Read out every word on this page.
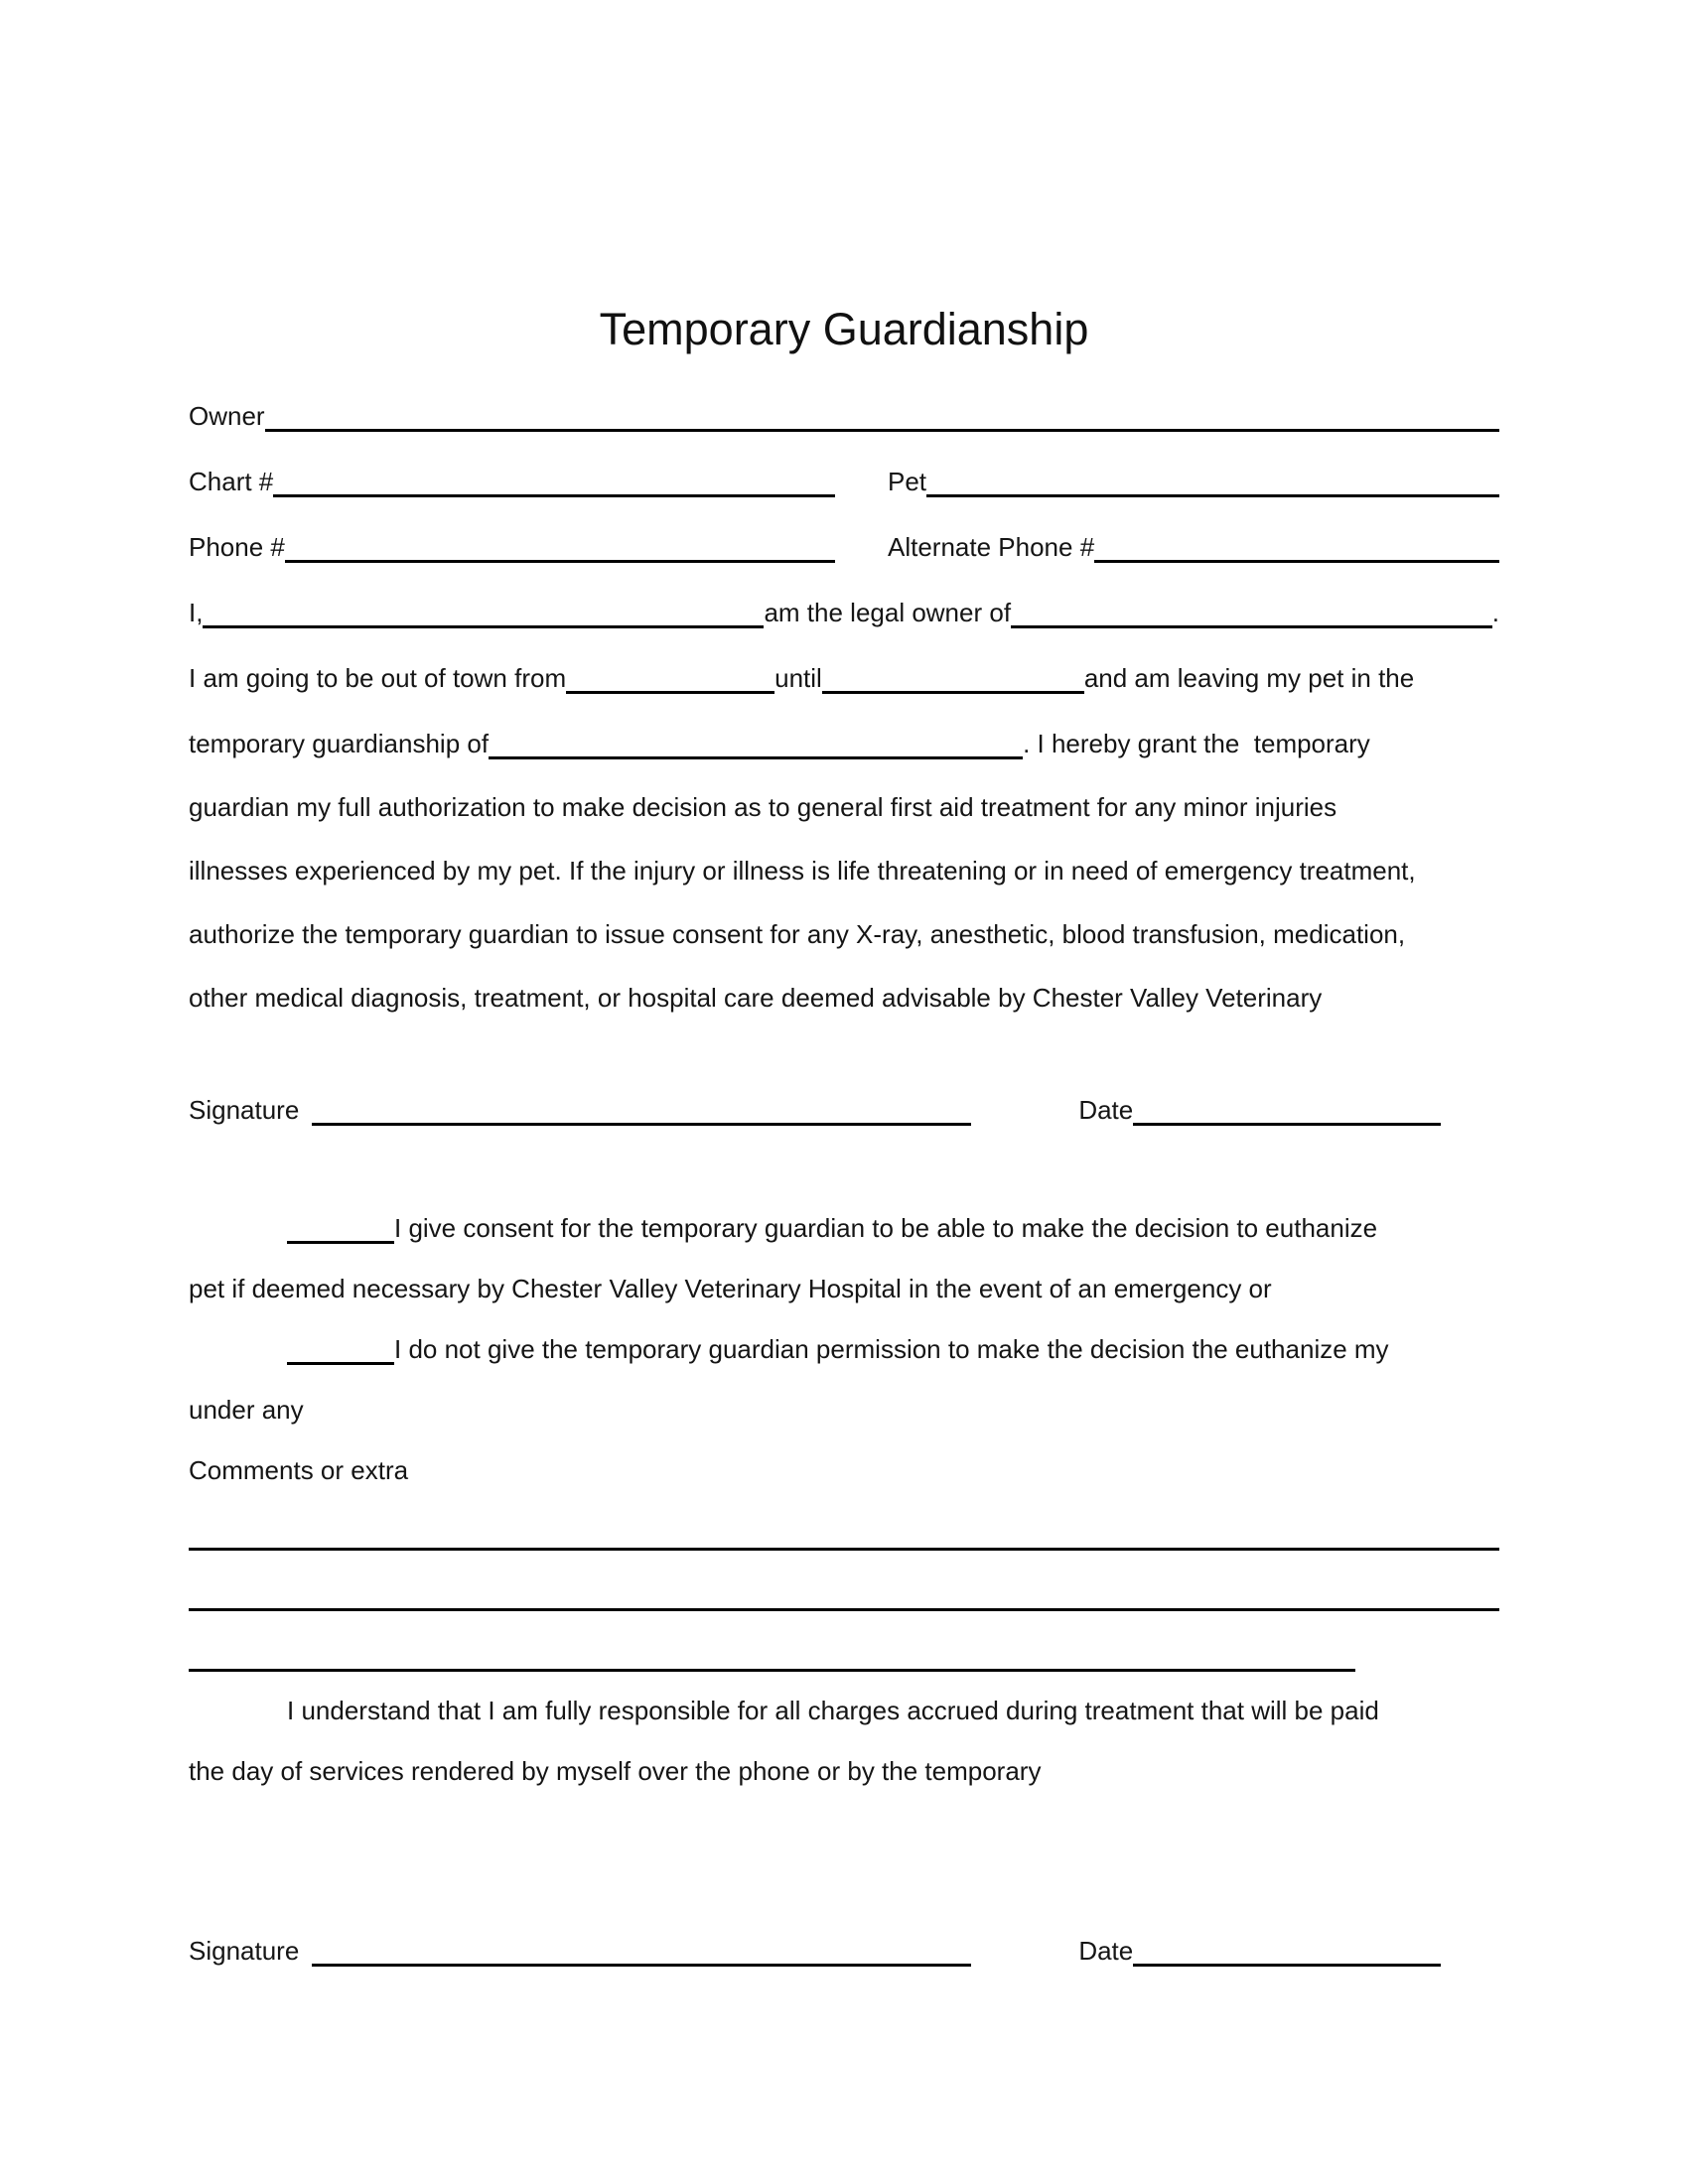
Temporary Guardianship
Owner
Chart #	Pet
Phone #	Alternate Phone #
I,	am the legal owner of	.
I am going to be out of town from	until	and am leaving my pet in the
temporary guardianship of	. I hereby grant the  temporary
guardian my full authorization to make decision as to general first aid treatment for any minor injuries
illnesses experienced by my pet. If the injury or illness is life threatening or in need of emergency treatment,
authorize the temporary guardian to issue consent for any X-ray, anesthetic, blood transfusion, medication,
other medical diagnosis, treatment, or hospital care deemed advisable by Chester Valley Veterinary
Signature	Date
I give consent for the temporary guardian to be able to make the decision to euthanize
pet if deemed necessary by Chester Valley Veterinary Hospital in the event of an emergency or
I do not give the temporary guardian permission to make the decision the euthanize my
under any
Comments or extra
I understand that I am fully responsible for all charges accrued during treatment that will be paid
the day of services rendered by myself over the phone or by the temporary
Signature	Date
